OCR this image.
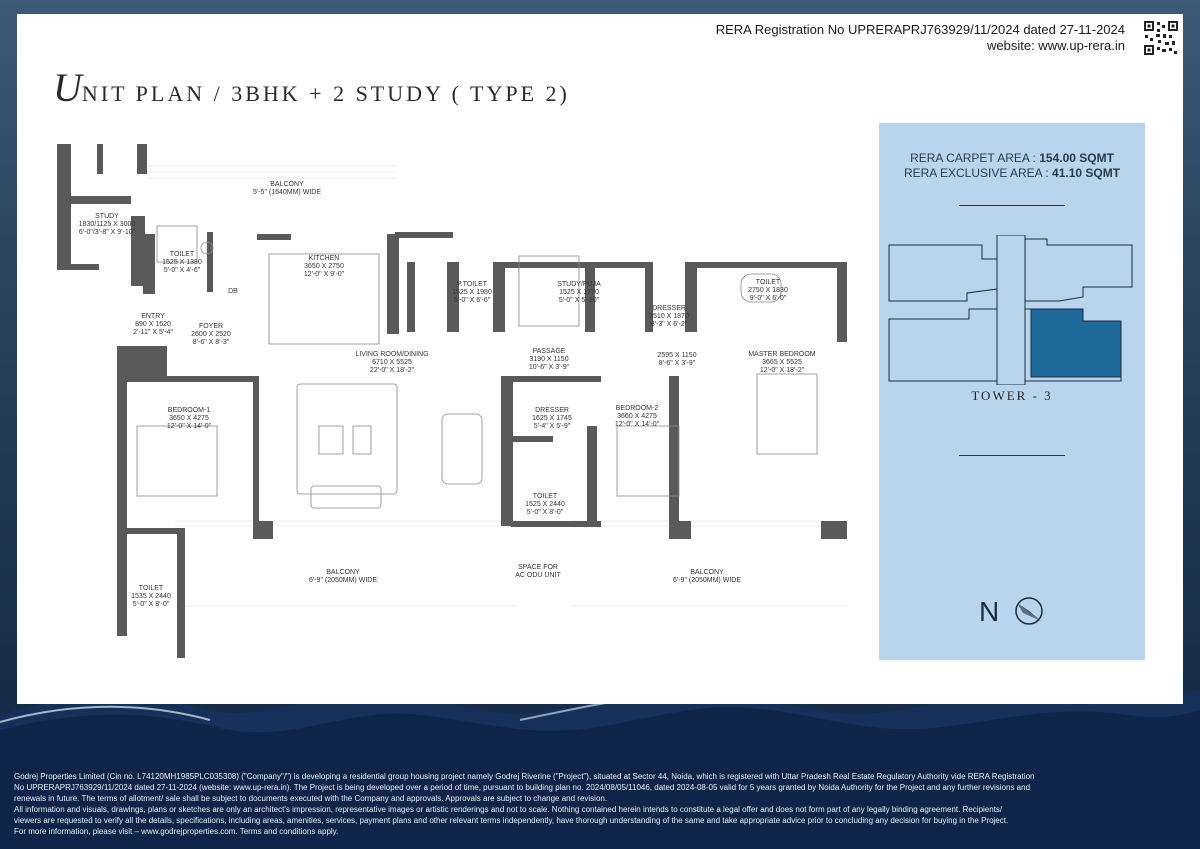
RERA Registration No UPRERAPRJ763929/11/2024 dated 27-11-2024
website: www.up-rera.in
UNIT PLAN / 3BHK + 2 STUDY ( TYPE 2)
BALCONY
5'-5" (1640MM) WIDE
STUDY
1830/1125 X 3000
6'-0"/3'-8" X 9'-10"
TOILET
1525 X 1380
5'-0" X 4'-6"
DB
KITCHEN
3650 X 2750
12'-0" X 9'-0"
ENTRY
890 X 1620
2'-11" X 5'-4"
FOYER
2600 X 2520
8'-6" X 8'-3"
P.TOILET
1525 X 1980
5'-0" X 6'-6"
STUDY/PUJA
1525 X 1770
5'-0" X 5'-10"
DRESSER
2510 X 1870
8'-3" X 6'-2"
TOILET
2750 X 1830
9'-0" X 6'-0"
LIVING ROOM/DINING
6710 X 5525
22'-0" X 18'-2"
PASSAGE
3190 X 1150
10'-6" X 3'-9"
2595 X 1150
8'-6" X 3'-9"
MASTER BEDROOM
3665 X 5525
12'-0" X 18'-2"
BEDROOM-1
3650 X 4275
12'-0" X 14'-0"
DRESSER
1625 X 1745
5'-4" X 5'-9"
BEDROOM-2
3660 X 4275
12'-0" X 14'-0"
TOILET
1525 X 2440
5'-0" X 8'-0"
TOILET
1535 X 2440
5'-0" X 8'-0"
BALCONY
6'-9" (2050MM) WIDE
SPACE FOR
AC ODU UNIT	BALCONY
6'-9" (2050MM) WIDE
RERA CARPET AREA : 154.00 SQMT
RERA EXCLUSIVE AREA : 41.10 SQMT
TOWER - 3
N

Godrej Properties Limited (Cin no. L74120MH1985PLC035308) ("Company"/") is developing a residential group housing project namely Godrej Riverine ("Project"), situated at Sector 44, Noida, which is registered with Uttar Pradesh Real Estate Regulatory Authority vide RERA Registration

No UPRERAPRJ763929/11/2024 dated 27-11-2024 (website: www.up-rera.in). The Project is being developed over a period of time, pursuant to building plan no. 2024/08/05/11046, dated 2024-08-05 valid for 5 years granted by Noida Authority for the Project and any further revisions and

renewals in future. The terms of allotment/ sale shall be subject to documents executed with the Company and approvals. Approvals are subject to change and revision.

All information and visuals, drawings, plans or sketches are only an architect's impression, representative images or artistic renderings and not to scale. Nothing contained herein intends to constitute a legal offer and does not form part of any legally binding agreement. Recipients/

viewers are requested to verify all the details, specifications, including areas, amenities, services, payment plans and other relevant terms independently, have thorough understanding of the same and take appropriate advice prior to concluding any decision for buying in the Project.

For more information, please visit – www.godrejproperties.com. Terms and conditions apply.
